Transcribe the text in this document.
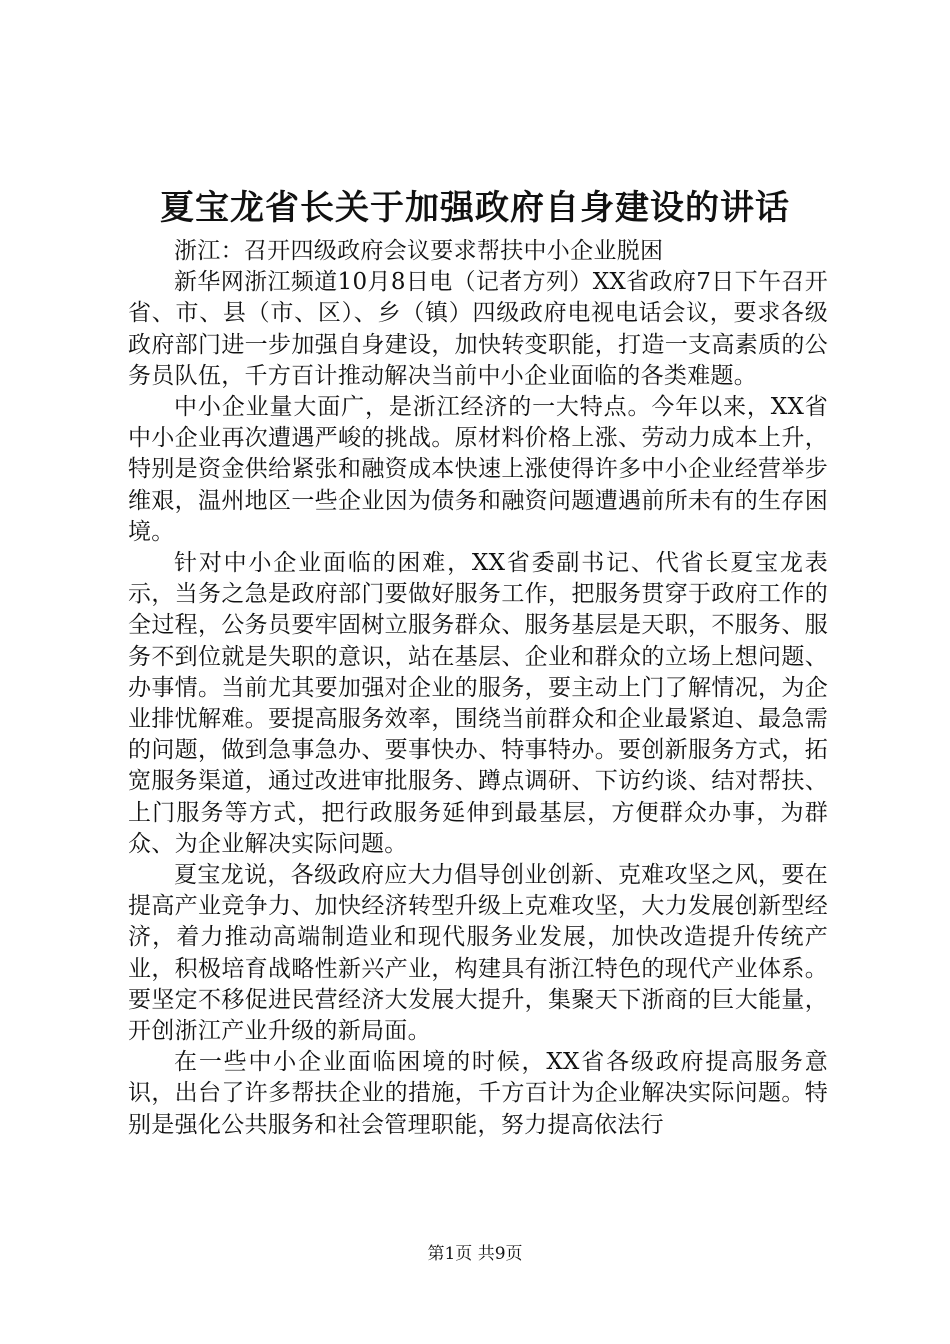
夏宝龙省长关于加强政府自身建设的讲话

浙江：召开四级政府会议要求帮扶中小企业脱困

新华网浙江频道10月8日电（记者方列）XX省政府7日下午召开省、市、县（市、区）、乡（镇）四级政府电视电话会议，要求各级政府部门进一步加强自身建设，加快转变职能，打造一支高素质的公务员队伍，千方百计推动解决当前中小企业面临的各类难题。

中小企业量大面广，是浙江经济的一大特点。今年以来，XX省中小企业再次遭遇严峻的挑战。原材料价格上涨、劳动力成本上升，特别是资金供给紧张和融资成本快速上涨使得许多中小企业经营举步维艰，温州地区一些企业因为债务和融资问题遭遇前所未有的生存困境。

针对中小企业面临的困难，XX省委副书记、代省长夏宝龙表示，当务之急是政府部门要做好服务工作，把服务贯穿于政府工作的全过程，公务员要牢固树立服务群众、服务基层是天职，不服务、服务不到位就是失职的意识，站在基层、企业和群众的立场上想问题、办事情。当前尤其要加强对企业的服务，要主动上门了解情况，为企业排忧解难。要提高服务效率，围绕当前群众和企业最紧迫、最急需的问题，做到急事急办、要事快办、特事特办。要创新服务方式，拓宽服务渠道，通过改进审批服务、蹲点调研、下访约谈、结对帮扶、上门服务等方式，把行政服务延伸到最基层，方便群众办事，为群众、为企业解决实际问题。

夏宝龙说，各级政府应大力倡导创业创新、克难攻坚之风，要在提高产业竞争力、加快经济转型升级上克难攻坚，大力发展创新型经济，着力推动高端制造业和现代服务业发展，加快改造提升传统产业，积极培育战略性新兴产业，构建具有浙江特色的现代产业体系。要坚定不移促进民营经济大发展大提升，集聚天下浙商的巨大能量，开创浙江产业升级的新局面。

在一些中小企业面临困境的时候，XX省各级政府提高服务意识，出台了许多帮扶企业的措施，千方百计为企业解决实际问题。特别是强化公共服务和社会管理职能，努力提高依法行

第1页 共9页
